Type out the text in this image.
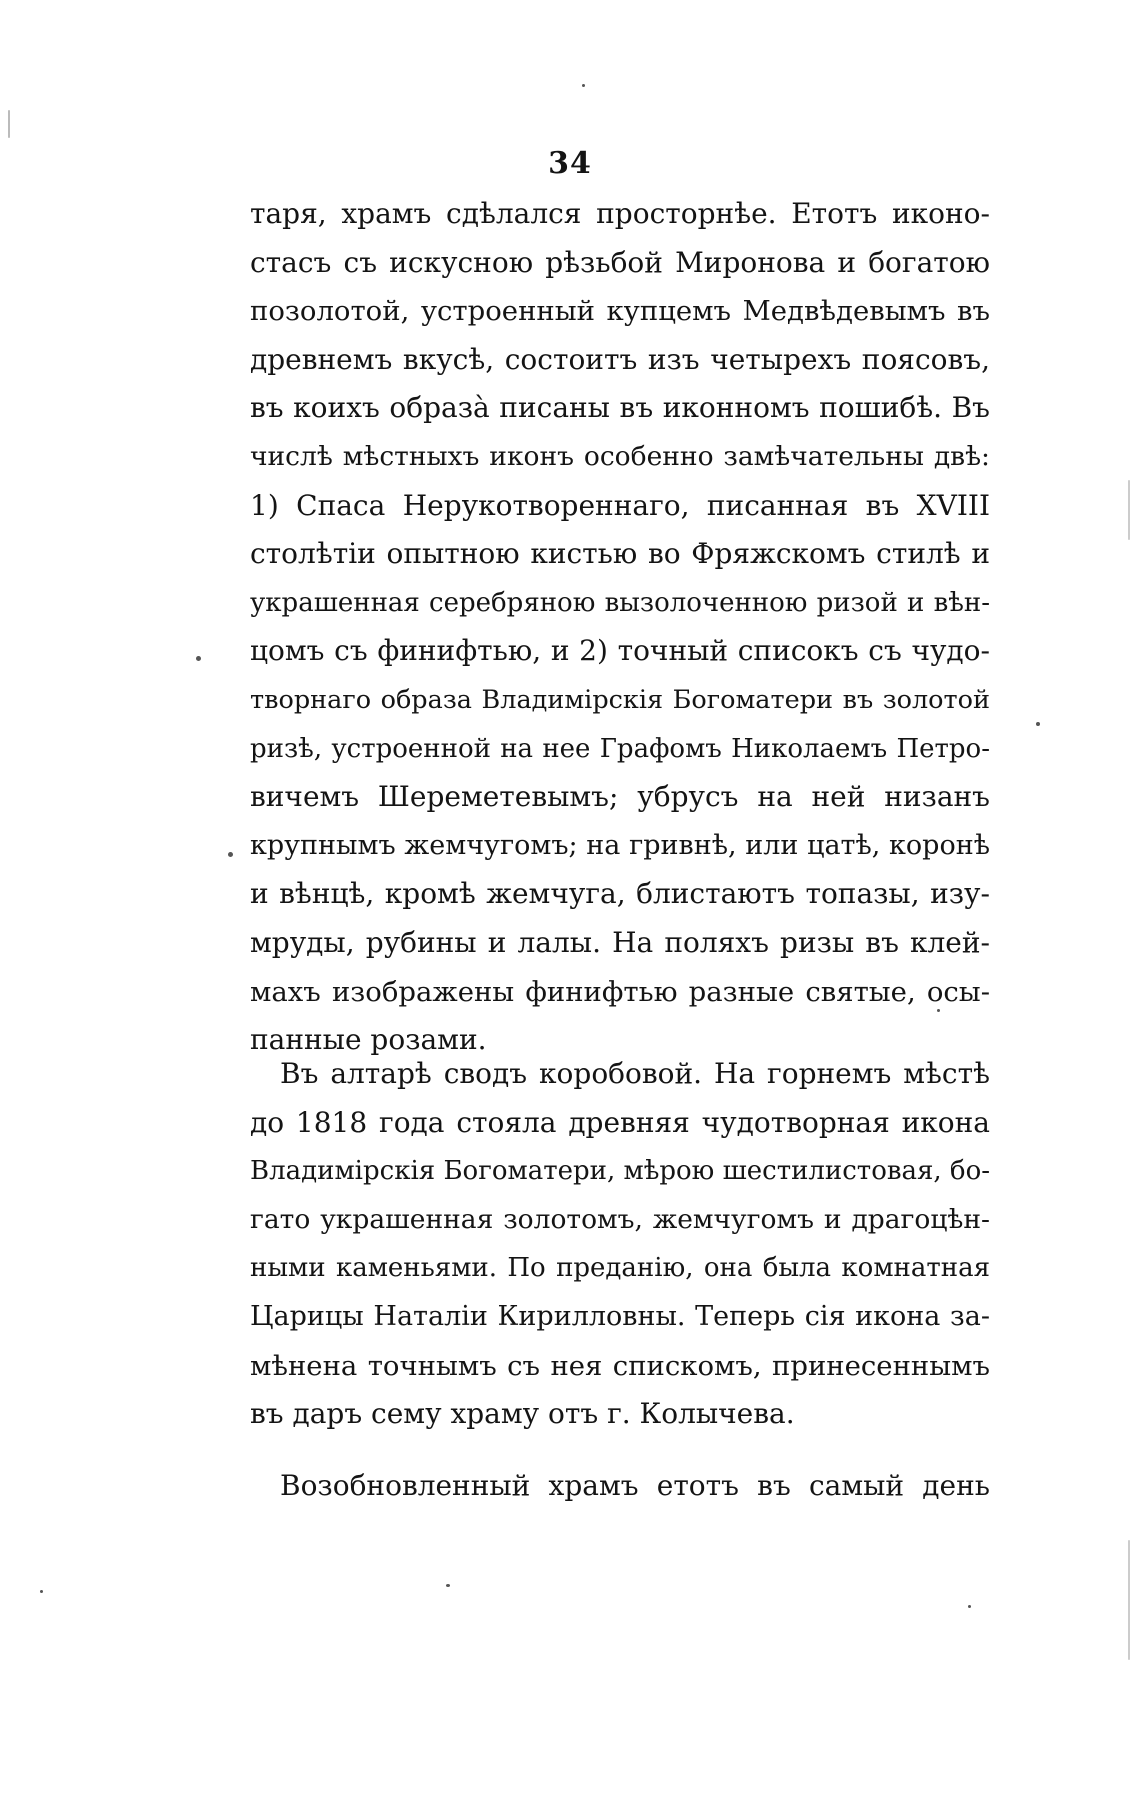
34
таря, храмъ сдѣлался просторнѣе. Етотъ иконо-
стасъ съ искусною рѣзьбой Миронова и богатою
позолотой, устроенный купцемъ Медвѣдевымъ въ
древнемъ вкусѣ, состоитъ изъ четырехъ поясовъ,
въ коихъ образà писаны въ иконномъ пошибѣ. Въ
числѣ мѣстныхъ иконъ особенно замѣчательны двѣ:
1) Спаса Нерукотвореннаго, писанная въ XVIII
столѣтіи опытною кистью во Фряжскомъ стилѣ и
украшенная серебряною вызолоченною ризой и вѣн-
цомъ съ финифтью, и 2) точный списокъ съ чудо-
творнаго образа Владимірскія Богоматери въ золотой
ризѣ, устроенной на нее Графомъ Николаемъ Петро-
вичемъ Шереметевымъ; убрусъ на ней низанъ
крупнымъ жемчугомъ; на гривнѣ, или цатѣ, коронѣ
и вѣнцѣ, кромѣ жемчуга, блистаютъ топазы, изу-
мруды, рубины и лалы. На поляхъ ризы въ клей-
махъ изображены финифтью разные святые, осы-
панные розами.
Въ алтарѣ сводъ коробовой. На горнемъ мѣстѣ
до 1818 года стояла древняя чудотворная икона
Владимірскія Богоматери, мѣрою шестилистовая, бо-
гато украшенная золотомъ, жемчугомъ и драгоцѣн-
ными каменьями. По преданію, она была комнатная
Царицы Наталіи Кирилловны. Теперь сія икона за-
мѣнена точнымъ съ нея спискомъ, принесеннымъ
въ даръ сему храму отъ г. Колычева.
Возобновленный храмъ етотъ въ самый день
